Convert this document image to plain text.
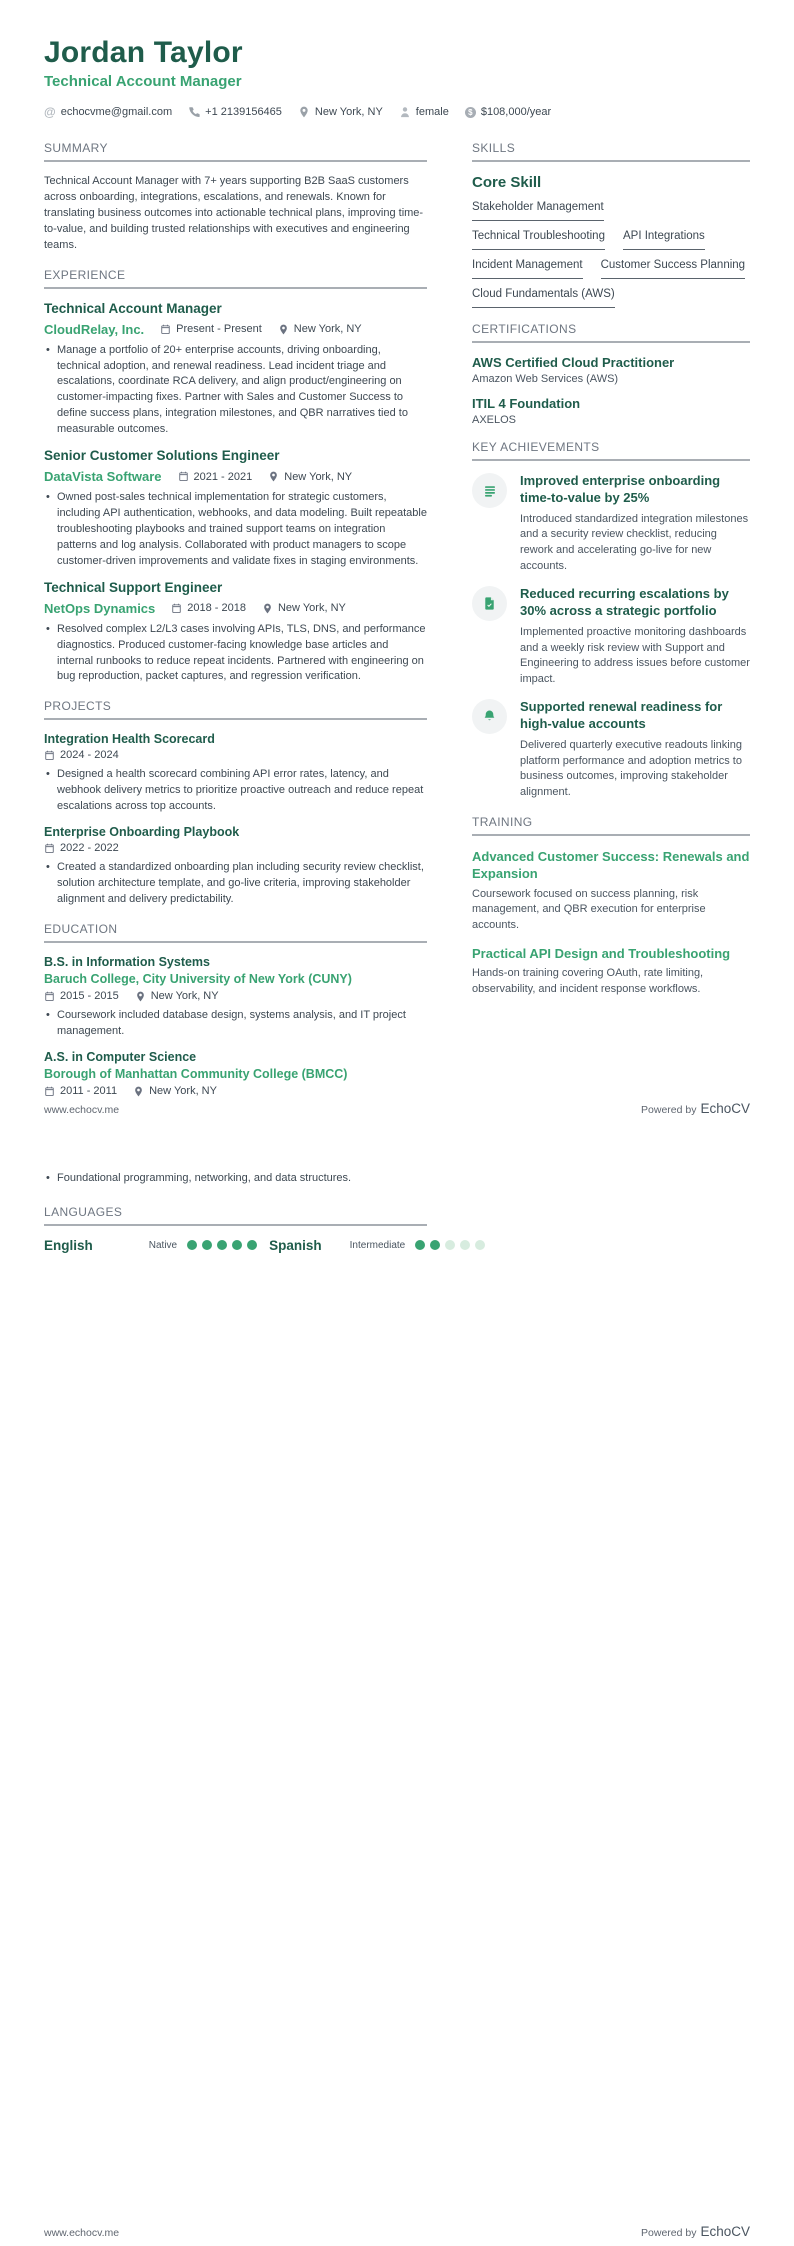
Jordan Taylor
Technical Account Manager
@ echocvme@gmail.com	+1 2139156465	New York, NY	female	$ $108,000/year
SUMMARY

Technical Account Manager with 7+ years supporting B2B SaaS customers across onboarding, integrations, escalations, and renewals. Known for translating business outcomes into actionable technical plans, improving time-to-value, and building trusted relationships with executives and engineering teams.

EXPERIENCE
Technical Account Manager
CloudRelay, Inc.	Present - Present	New York, NY
• Manage a portfolio of 20+ enterprise accounts, driving onboarding, technical adoption, and renewal readiness. Lead incident triage and escalations, coordinate RCA delivery, and align product/engineering on customer-impacting fixes. Partner with Sales and Customer Success to define success plans, integration milestones, and QBR narratives tied to measurable outcomes.
Senior Customer Solutions Engineer
DataVista Software	2021 - 2021	New York, NY
• Owned post-sales technical implementation for strategic customers, including API authentication, webhooks, and data modeling. Built repeatable troubleshooting playbooks and trained support teams on integration patterns and log analysis. Collaborated with product managers to scope customer-driven improvements and validate fixes in staging environments.
Technical Support Engineer
NetOps Dynamics	2018 - 2018	New York, NY
• Resolved complex L2/L3 cases involving APIs, TLS, DNS, and performance diagnostics. Produced customer-facing knowledge base articles and internal runbooks to reduce repeat incidents. Partnered with engineering on bug reproduction, packet captures, and regression verification.
PROJECTS
Integration Health Scorecard
2024 - 2024
• Designed a health scorecard combining API error rates, latency, and webhook delivery metrics to prioritize proactive outreach and reduce repeat escalations across top accounts.
Enterprise Onboarding Playbook
2022 - 2022
• Created a standardized onboarding plan including security review checklist, solution architecture template, and go-live criteria, improving stakeholder alignment and delivery predictability.
EDUCATION
B.S. in Information Systems
Baruch College, City University of New York (CUNY)
2015 - 2015	New York, NY
• Coursework included database design, systems analysis, and IT project management.
A.S. in Computer Science
Borough of Manhattan Community College (BMCC)
2011 - 2011	New York, NY
SKILLS
Core Skill
Stakeholder Management
Technical Troubleshooting API Integrations
Incident Management Customer Success Planning
Cloud Fundamentals (AWS)
CERTIFICATIONS
AWS Certified Cloud Practitioner
Amazon Web Services (AWS)
ITIL 4 Foundation
AXELOS
KEY ACHIEVEMENTS
Improved enterprise onboarding time-to-value by 25%
Introduced standardized integration milestones and a security review checklist, reducing rework and accelerating go-live for new accounts.
Reduced recurring escalations by 30% across a strategic portfolio
Implemented proactive monitoring dashboards and a weekly risk review with Support and Engineering to address issues before customer impact.
Supported renewal readiness for high-value accounts
Delivered quarterly executive readouts linking platform performance and adoption metrics to business outcomes, improving stakeholder alignment.
TRAINING
Advanced Customer Success: Renewals and Expansion
Coursework focused on success planning, risk management, and QBR execution for enterprise accounts.
Practical API Design and Troubleshooting
Hands-on training covering OAuth, rate limiting, observability, and incident response workflows.
www.echocv.me	Powered by EchoCV
• Foundational programming, networking, and data structures.
LANGUAGES
English	Native	Spanish	Intermediate
www.echocv.me	Powered by EchoCV
